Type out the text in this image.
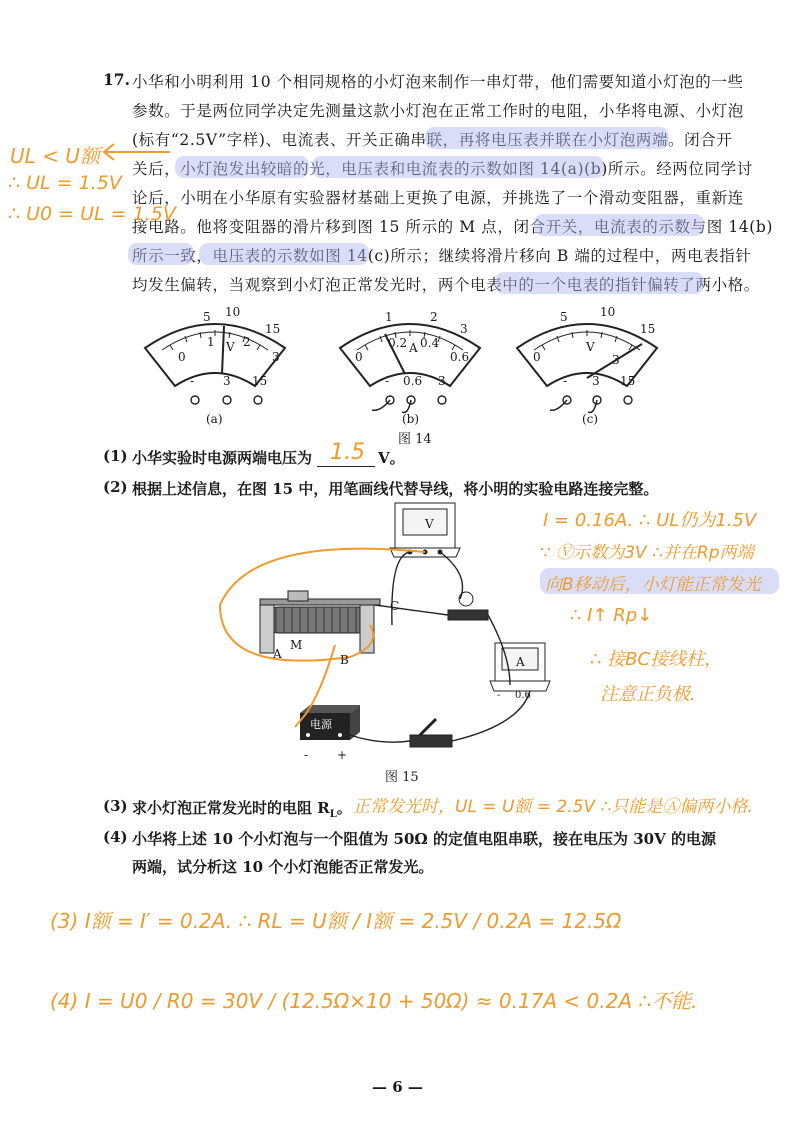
17. 小华和小明利用 10 个相同规格的小灯泡来制作一串灯带，他们需要知道小灯泡的一些
参数。于是两位同学决定先测量这款小灯泡在正常工作时的电阻，小华将电源、小灯泡
(标有“2.5V”字样)、电流表、开关正确串联，再将电压表并联在小灯泡两端。闭合开
关后，小灯泡发出较暗的光，电压表和电流表的示数如图 14(a)(b)所示。经两位同学讨
论后，小明在小华原有实验器材基础上更换了电源，并挑选了一个滑动变阻器，重新连
接电路。他将变阻器的滑片移到图 15 所示的 M 点，闭合开关，电流表的示数与图 14(b)
所示一致，电压表的示数如图 14(c)所示；继续将滑片移向 B 端的过程中，两电表指针
均发生偏转，当观察到小灯泡正常发光时，两个电表中的一个电表的指针偏转了两小格。
UL < U额
∴ UL = 1.5V
∴ U0 = UL = 1.5V
5 10
15
0
1 2
3
V
1	2
3
0
0.2 0.4
0.6
A
5	10
15
0
V
3
- 3 15	- 0.6 3	- 3 15
(a)	(b)	(c)
图 14
(1) 小华实验时电源两端电压为 1.5 V。
(2) 根据上述信息，在图 15 中，用笔画线代替导线，将小明的实验电路连接完整。
V
A
M
B
C
电源
- +
A
- 0.6
图 15
I = 0.16A. ∴ UL仍为1.5V
∵ Ⓥ示数为3V ∴并在Rp两端
向B移动后，小灯能正常发光
∴ I↑ Rp↓
∴ 接BC接线柱，
注意正负极.
(3) 求小灯泡正常发光时的电阻 $R_L$。 正常发光时，UL = U额 = 2.5V ∴只能是Ⓐ偏两小格.
(4) 小华将上述 10 个小灯泡与一个阻值为 50Ω 的定值电阻串联，接在电压为 30V 的电源
两端，试分析这 10 个小灯泡能否正常发光。
(3) I额 = I′ = 0.2A. ∴ RL = U额 / I额 = 2.5V / 0.2A = 12.5Ω
(4) I = U0 / R0 = 30V / (12.5Ω×10 + 50Ω) ≈ 0.17A < 0.2A ∴不能.
— 6 —
